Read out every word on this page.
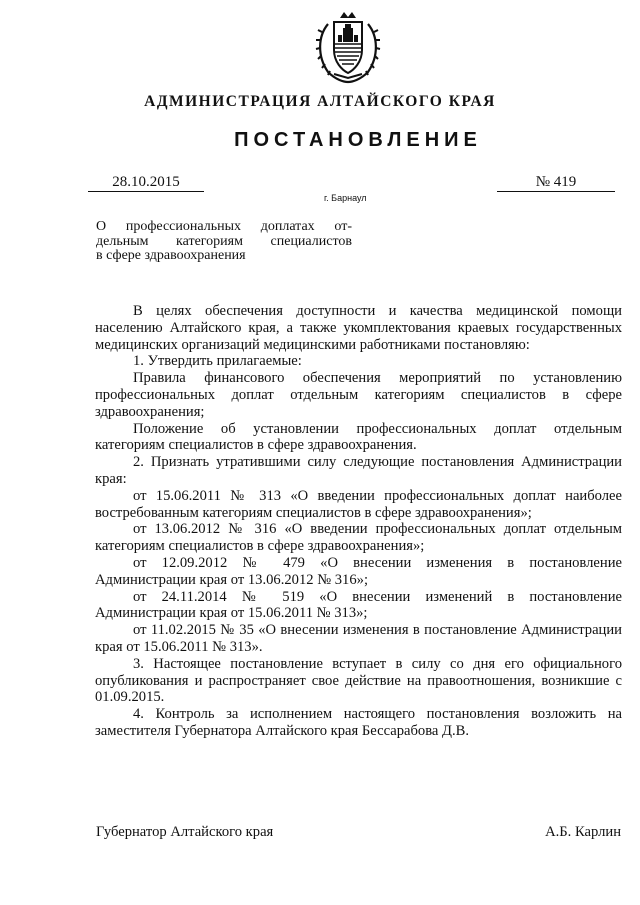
АДМИНИСТРАЦИЯ АЛТАЙСКОГО КРАЯ
ПОСТАНОВЛЕНИЕ
28.10.2015	№ 419
г. Барнаул
О профессиональных доплатах от-
дельным категориям специалистов
в сфере здравоохранения

В целях обеспечения доступности и качества медицинской помощи населению Алтайского края, а также укомплектования краевых государственных медицинских организаций медицинскими работниками постановляю:

1. Утвердить прилагаемые:

Правила финансового обеспечения мероприятий по установлению профессиональных доплат отдельным категориям специалистов в сфере здравоохранения;

Положение об установлении профессиональных доплат отдельным категориям специалистов в сфере здравоохранения.

2. Признать утратившими силу следующие постановления Администрации края:

от 15.06.2011 № 313 «О введении профессиональных доплат наиболее востребованным категориям специалистов в сфере здравоохранения»;

от 13.06.2012 № 316 «О введении профессиональных доплат отдельным категориям специалистов в сфере здравоохранения»;

от 12.09.2012 № 479 «О внесении изменения в постановление Администрации края от 13.06.2012 № 316»;

от 24.11.2014 № 519 «О внесении изменений в постановление Администрации края от 15.06.2011 № 313»;

от 11.02.2015 № 35 «О внесении изменения в постановление Администрации края от 15.06.2011 № 313».

3. Настоящее постановление вступает в силу со дня его официального опубликования и распространяет свое действие на правоотношения, возникшие с 01.09.2015.

4. Контроль за исполнением настоящего постановления возложить на заместителя Губернатора Алтайского края Бессарабова Д.В.

Губернатор Алтайского края	А.Б. Карлин
